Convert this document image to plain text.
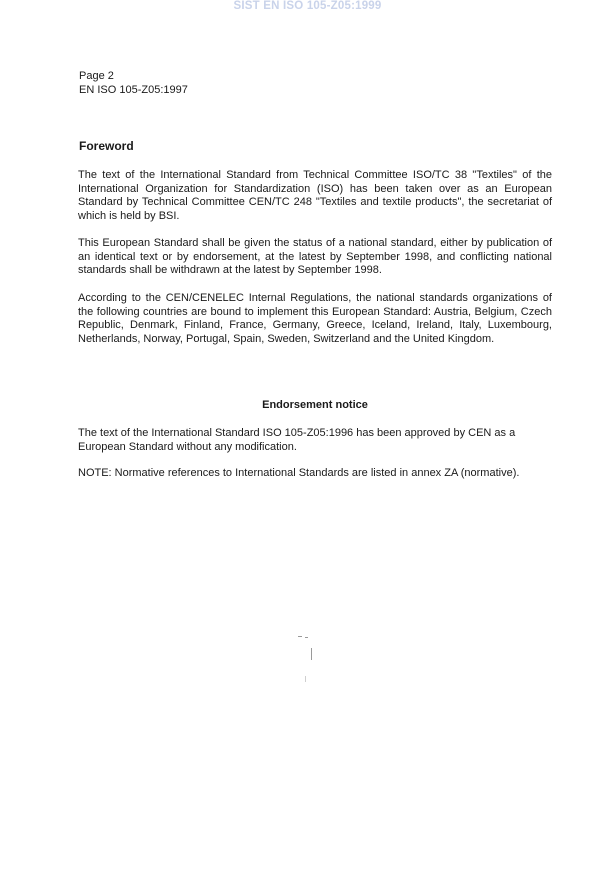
SIST EN ISO 105-Z05:1999
Page 2
EN ISO 105-Z05:1997
Foreword
The text of the International Standard from Technical Committee ISO/TC 38 "Textiles" of the International Organization for Standardization (ISO) has been taken over as an European Standard by Technical Committee CEN/TC 248 "Textiles and textile products", the secretariat of which is held by BSI.
This European Standard shall be given the status of a national standard, either by publication of an identical text or by endorsement, at the latest by September 1998, and conflicting national standards shall be withdrawn at the latest by September 1998.
According to the CEN/CENELEC Internal Regulations, the national standards organizations of the following countries are bound to implement this European Standard: Austria, Belgium, Czech Republic, Denmark, Finland, France, Germany, Greece, Iceland, Ireland, Italy, Luxembourg, Netherlands, Norway, Portugal, Spain, Sweden, Switzerland and the United Kingdom.
Endorsement notice
The text of the International Standard ISO 105-Z05:1996 has been approved by CEN as a European Standard without any modification.
NOTE: Normative references to International Standards are listed in annex ZA (normative).
